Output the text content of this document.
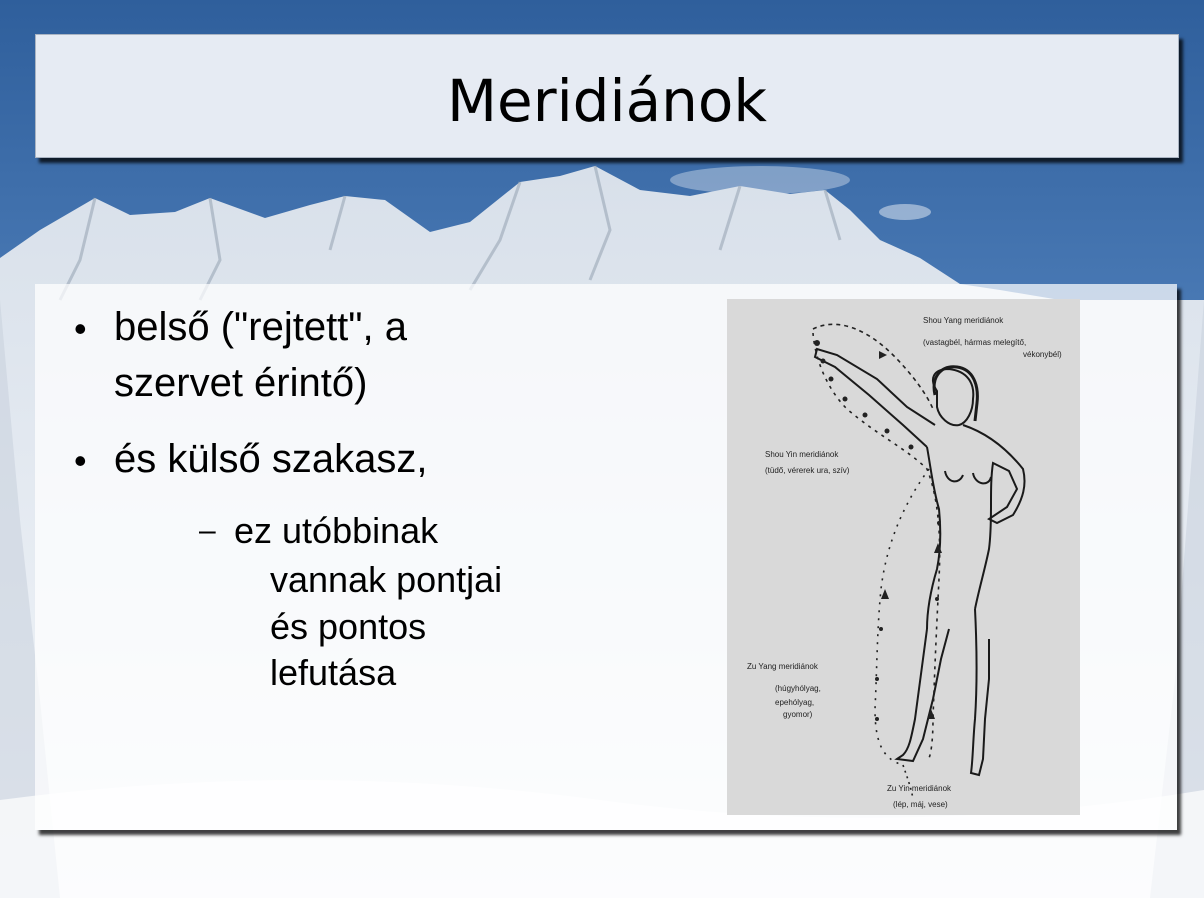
Meridiánok
• belső ("rejtett", a
szervet érintő)
• és külső szakasz,
– ez utóbbinak
vannak pontjai
és pontos
lefutása
Shou Yang meridiánok
(vastagbél, hármas melegítő,
vékonybél)
Shou Yin meridiánok
(tüdő, vérerek ura, szív)
Zu Yang meridiánok
(húgyhólyag,
epehólyag,
gyomor)
Zu Yin meridiánok
(lép, máj, vese)
